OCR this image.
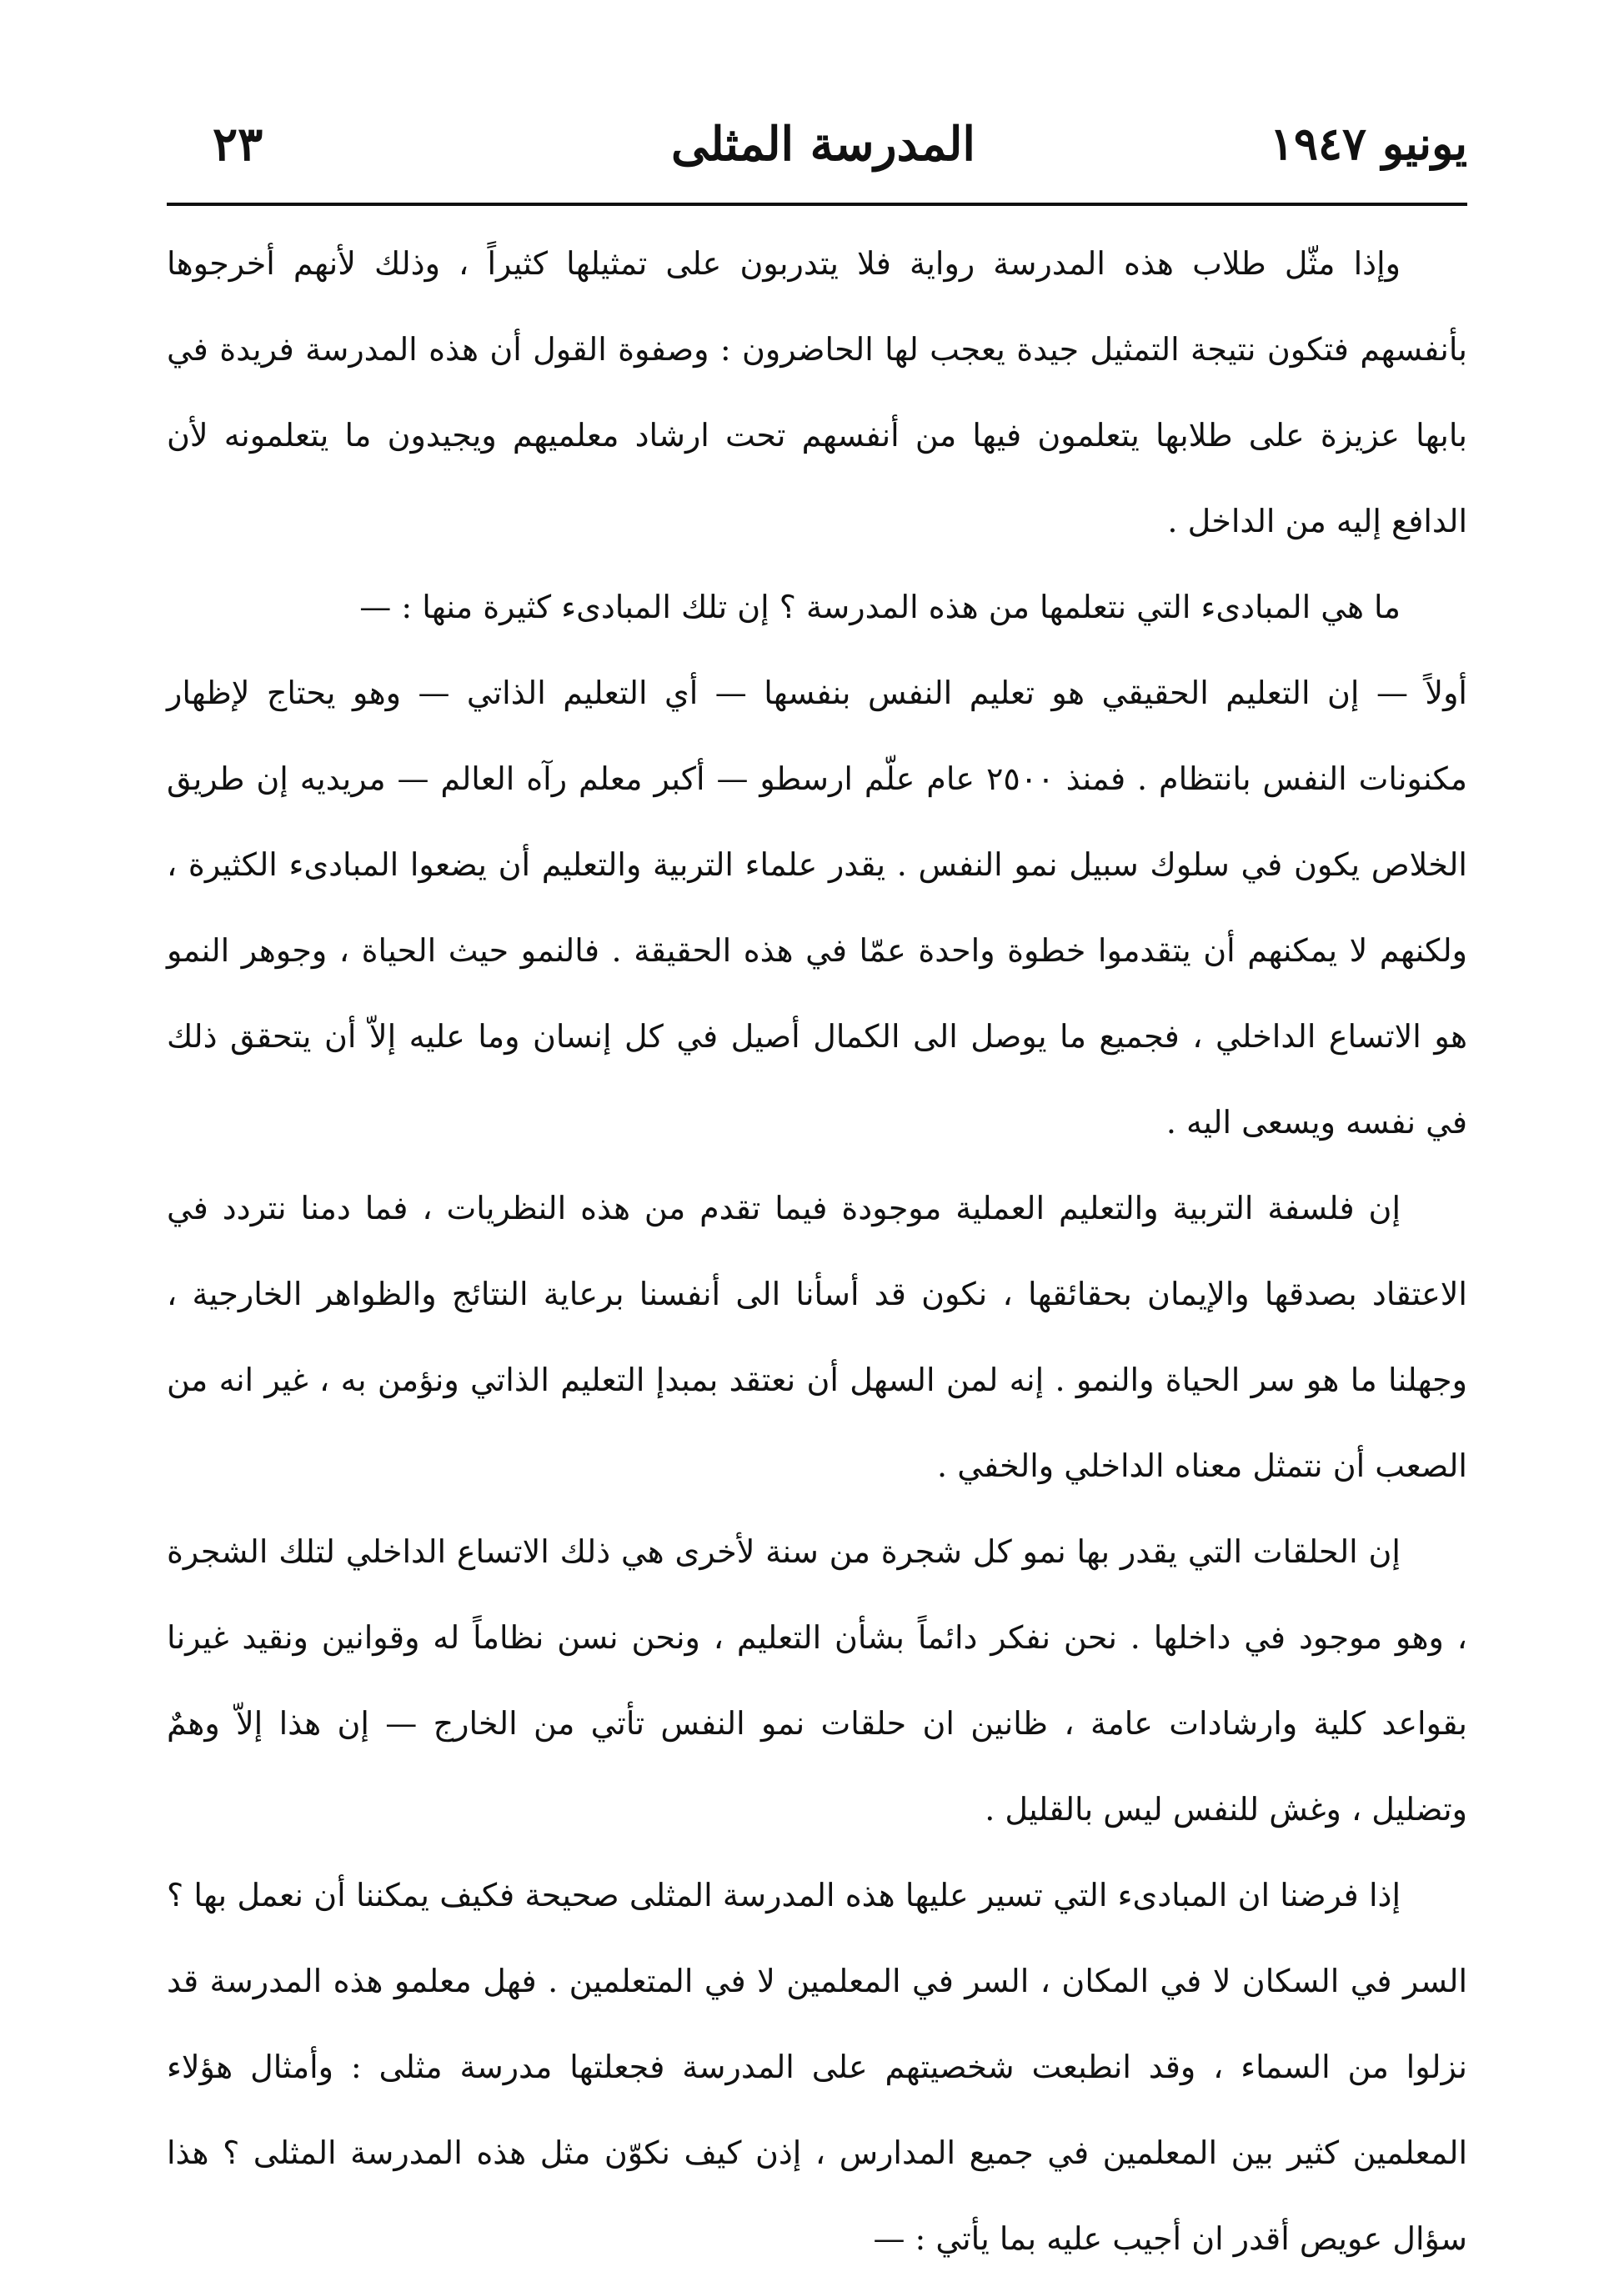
يونيو ١٩٤٧
المدرسة المثلى
٢٣

وإذا مثّل طلاب هذه المدرسة رواية فلا يتدربون على تمثيلها كثيراً ، وذلك لأنهم أخرجوها بأنفسهم فتكون نتيجة التمثيل جيدة يعجب لها الحاضرون : وصفوة القول أن هذه المدرسة فريدة في بابها عزيزة على طلابها يتعلمون فيها من أنفسهم تحت ارشاد معلميهم ويجيدون ما يتعلمونه لأن الدافع إليه من الداخل .

ما هي المبادىء التي نتعلمها من هذه المدرسة ؟ إن تلك المبادىء كثيرة منها : —

أولاً — إن التعليم الحقيقي هو تعليم النفس بنفسها — أي التعليم الذاتي — وهو يحتاج لإظهار مكنونات النفس بانتظام . فمنذ ٢٥٠٠ عام علّم ارسطو — أكبر معلم رآه العالم — مريديه إن طريق الخلاص يكون في سلوك سبيل نمو النفس . يقدر علماء التربية والتعليم أن يضعوا المبادىء الكثيرة ، ولكنهم لا يمكنهم أن يتقدموا خطوة واحدة عمّا في هذه الحقيقة . فالنمو حيث الحياة ، وجوهر النمو هو الاتساع الداخلي ، فجميع ما يوصل الى الكمال أصيل في كل إنسان وما عليه إلاّ أن يتحقق ذلك في نفسه ويسعى اليه .

إن فلسفة التربية والتعليم العملية موجودة فيما تقدم من هذه النظريات ، فما دمنا نتردد في الاعتقاد بصدقها والإيمان بحقائقها ، نكون قد أسأنا الى أنفسنا برعاية النتائج والظواهر الخارجية ، وجهلنا ما هو سر الحياة والنمو . إنه لمن السهل أن نعتقد بمبدإ التعليم الذاتي ونؤمن به ، غير انه من الصعب أن نتمثل معناه الداخلي والخفي .

إن الحلقات التي يقدر بها نمو كل شجرة من سنة لأخرى هي ذلك الاتساع الداخلي لتلك الشجرة ، وهو موجود في داخلها . نحن نفكر دائماً بشأن التعليم ، ونحن نسن نظاماً له وقوانين ونقيد غيرنا بقواعد كلية وارشادات عامة ، ظانين ان حلقات نمو النفس تأتي من الخارج — إن هذا إلاّ وهمٌ وتضليل ، وغش للنفس ليس بالقليل .

إذا فرضنا ان المبادىء التي تسير عليها هذه المدرسة المثلى صحيحة فكيف يمكننا أن نعمل بها ؟ السر في السكان لا في المكان ، السر في المعلمين لا في المتعلمين . فهل معلمو هذه المدرسة قد نزلوا من السماء ، وقد انطبعت شخصيتهم على المدرسة فجعلتها مدرسة مثلى : وأمثال هؤلاء المعلمين كثير بين المعلمين في جميع المدارس ، إذن كيف نكوّن مثل هذه المدرسة المثلى ؟ هذا سؤال عويص أقدر ان أجيب عليه بما يأتي : —
